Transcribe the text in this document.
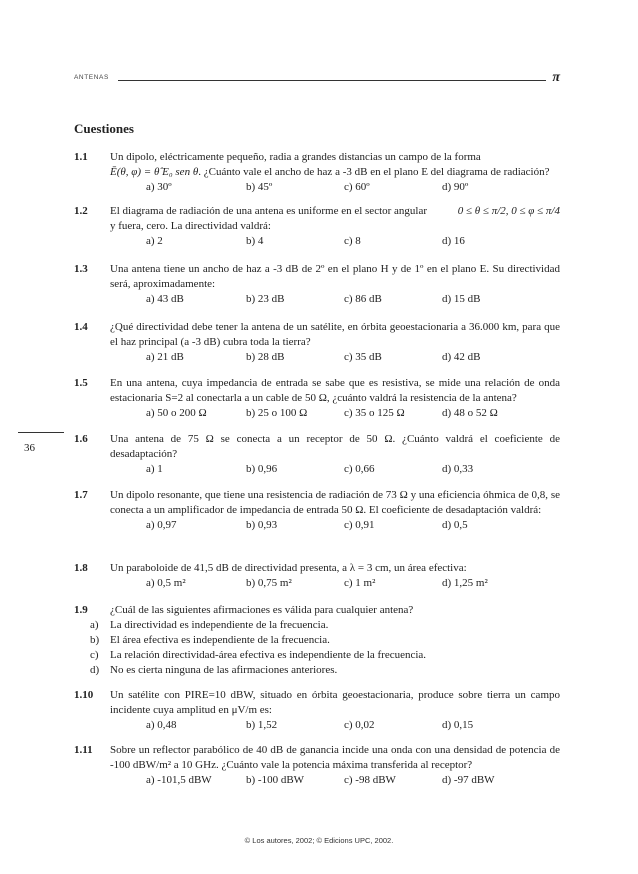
ANTENAS	π
Cuestiones
36
1.1 Un dipolo, eléctricamente pequeño, radia a grandes distancias un campo de la forma
Ē(θ, φ) = θ̂ E₀ sen θ. ¿Cuánto vale el ancho de haz a -3 dB en el plano E del diagrama de radiación?
a) 30º	b) 45º	c) 60º	d) 90º
1.2 El diagrama de radiación de una antena es uniforme en el sector angular	0 ≤ θ ≤ π/2, 0 ≤ φ ≤ π/4

y fuera, cero. La directividad valdrá:
a) 2	b) 4	c) 8	d) 16
1.3 Una antena tiene un ancho de haz a -3 dB de 2º en el plano H y de 1º en el plano E. Su directividad será, aproximadamente:
a) 43 dB	b) 23 dB	c) 86 dB	d) 15 dB
1.4 ¿Qué directividad debe tener la antena de un satélite, en órbita geoestacionaria a 36.000 km, para que el haz principal (a -3 dB) cubra toda la tierra?
a) 21 dB	b) 28 dB	c) 35 dB	d) 42 dB
1.5 En una antena, cuya impedancia de entrada se sabe que es resistiva, se mide una relación de onda estacionaria S=2 al conectarla a un cable de 50 Ω, ¿cuánto valdrá la resistencia de la antena?
a) 50 o 200 Ω	b) 25 o 100 Ω	c) 35 o 125 Ω	d) 48 o 52 Ω
1.6 Una antena de 75 Ω se conecta a un receptor de 50 Ω. ¿Cuánto valdrá el coeficiente de desadaptación?
a) 1	b) 0,96	c) 0,66	d) 0,33
1.7 Un dipolo resonante, que tiene una resistencia de radiación de 73 Ω y una eficiencia óhmica de 0,8, se conecta a un amplificador de impedancia de entrada 50 Ω. El coeficiente de desadaptación valdrá:
a) 0,97	b) 0,93	c) 0,91	d) 0,5
1.8 Un paraboloide de 41,5 dB de directividad presenta, a λ = 3 cm, un área efectiva:
a) 0,5 m²	b) 0,75 m²	c) 1 m²	d) 1,25 m²
1.9 ¿Cuál de las siguientes afirmaciones es válida para cualquier antena?
a) La directividad es independiente de la frecuencia.
b) El área efectiva es independiente de la frecuencia.
c) La relación directividad-área efectiva es independiente de la frecuencia.
d) No es cierta ninguna de las afirmaciones anteriores.
1.10 Un satélite con PIRE=10 dBW, situado en órbita geoestacionaria, produce sobre tierra un campo incidente cuya amplitud en μV/m es:
a) 0,48	b) 1,52	c) 0,02	d) 0,15
1.11 Sobre un reflector parabólico de 40 dB de ganancia incide una onda con una densidad de potencia de -100 dBW/m² a 10 GHz. ¿Cuánto vale la potencia máxima transferida al receptor?
a) -101,5 dBW	b) -100 dBW	c) -98 dBW	d) -97 dBW
© Los autores, 2002; © Edicions UPC, 2002.
